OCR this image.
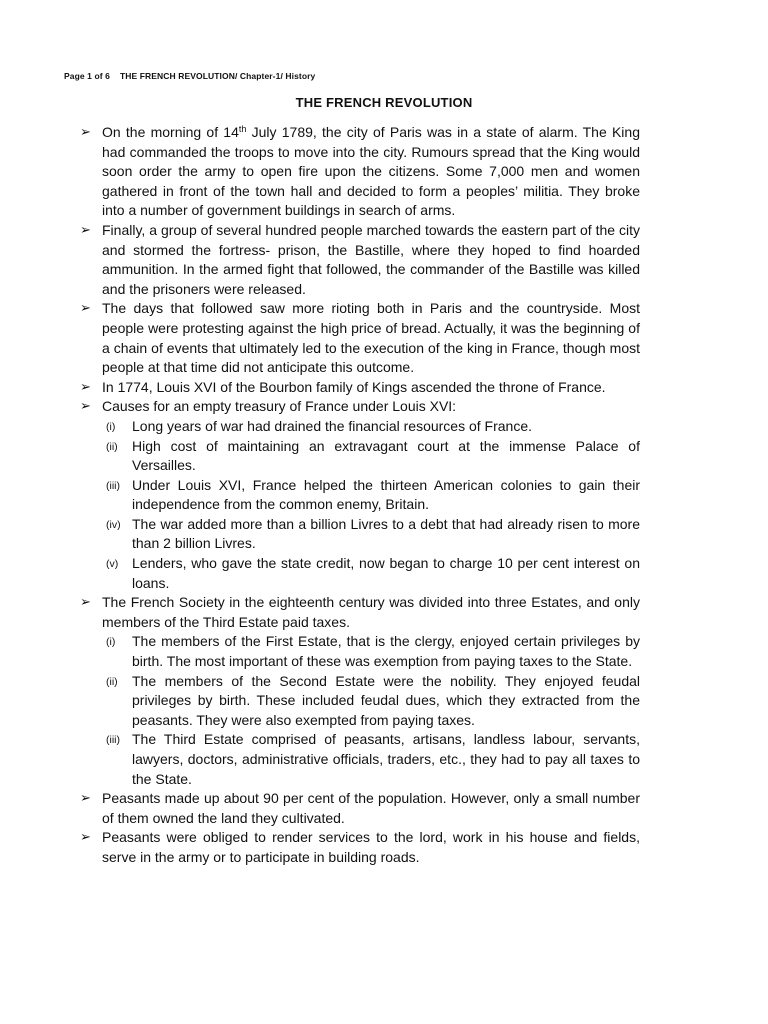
Page 1 of 6 THE FRENCH REVOLUTION/ Chapter-1/ History
THE FRENCH REVOLUTION

➢ On the morning of 14th July 1789, the city of Paris was in a state of alarm. The King had commanded the troops to move into the city. Rumours spread that the King would soon order the army to open fire upon the citizens. Some 7,000 men and women gathered in front of the town hall and decided to form a peoples’ militia. They broke into a number of government buildings in search of arms.

➢ Finally, a group of several hundred people marched towards the eastern part of the city and stormed the fortress- prison, the Bastille, where they hoped to find hoarded ammunition. In the armed fight that followed, the commander of the Bastille was killed and the prisoners were released.

➢ The days that followed saw more rioting both in Paris and the countryside. Most people were protesting against the high price of bread. Actually, it was the beginning of a chain of events that ultimately led to the execution of the king in France, though most people at that time did not anticipate this outcome.

➢ In 1774, Louis XVI of the Bourbon family of Kings ascended the throne of France.

➢ Causes for an empty treasury of France under Louis XVI:

(i) Long years of war had drained the financial resources of France.

(ii) High cost of maintaining an extravagant court at the immense Palace of Versailles.

(iii) Under Louis XVI, France helped the thirteen American colonies to gain their independence from the common enemy, Britain.

(iv) The war added more than a billion Livres to a debt that had already risen to more than 2 billion Livres.

(v) Lenders, who gave the state credit, now began to charge 10 per cent interest on loans.

➢ The French Society in the eighteenth century was divided into three Estates, and only members of the Third Estate paid taxes.

(i) The members of the First Estate, that is the clergy, enjoyed certain privileges by birth. The most important of these was exemption from paying taxes to the State.

(ii) The members of the Second Estate were the nobility. They enjoyed feudal privileges by birth. These included feudal dues, which they extracted from the peasants. They were also exempted from paying taxes.

(iii) The Third Estate comprised of peasants, artisans, landless labour, servants, lawyers, doctors, administrative officials, traders, etc., they had to pay all taxes to the State.

➢ Peasants made up about 90 per cent of the population. However, only a small number of them owned the land they cultivated.

➢ Peasants were obliged to render services to the lord, work in his house and fields, serve in the army or to participate in building roads.
